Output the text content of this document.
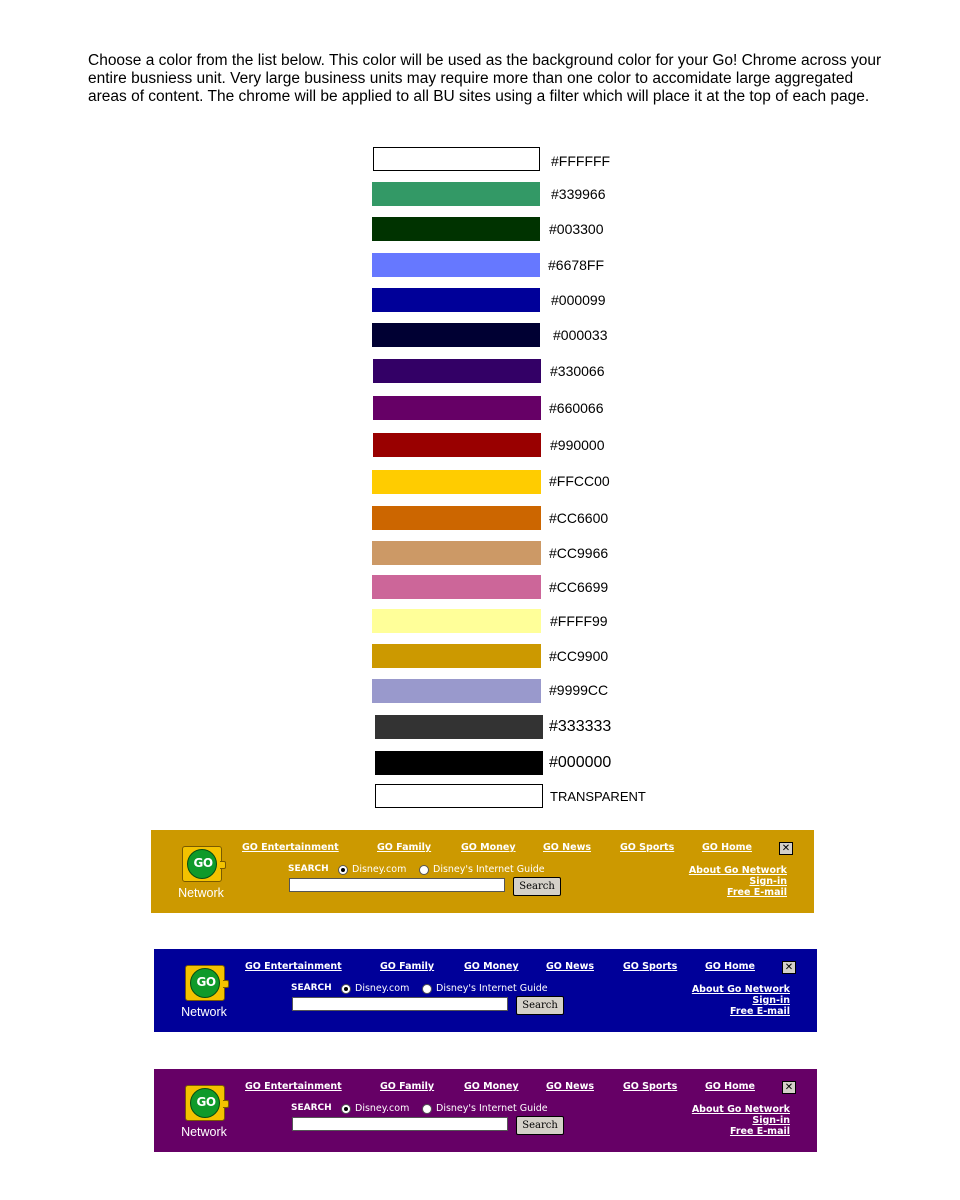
Choose a color from the list below. This color will be used as the background color for your Go! Chrome across your entire busniess unit. Very large business units may require more than one color to accomidate large aggregated areas of content. The chrome will be applied to all BU sites using a filter which will place it at the top of each page.

#FFFFFF
#339966
#003300
#6678FF
#000099
#000033
#330066
#660066
#990000
#FFCC00
#CC6600
#CC9966
#CC6699
#FFFF99
#CC9900
#9999CC
#333333
#000000
TRANSPARENT
GO
Network
GO Entertainment	GO Family	GO Money	GO News	GO Sports	GO Home	✕
SEARCH Disney.com	Disney's Internet Guide
Search
About Go Network
Sign-in
Free E-mail
GO
Network
GO Entertainment	GO Family	GO Money	GO News	GO Sports	GO Home	✕
SEARCH Disney.com	Disney's Internet Guide
Search
About Go Network
Sign-in
Free E-mail
GO
Network
GO Entertainment	GO Family	GO Money	GO News	GO Sports	GO Home	✕
SEARCH Disney.com	Disney's Internet Guide
Search
About Go Network
Sign-in
Free E-mail
